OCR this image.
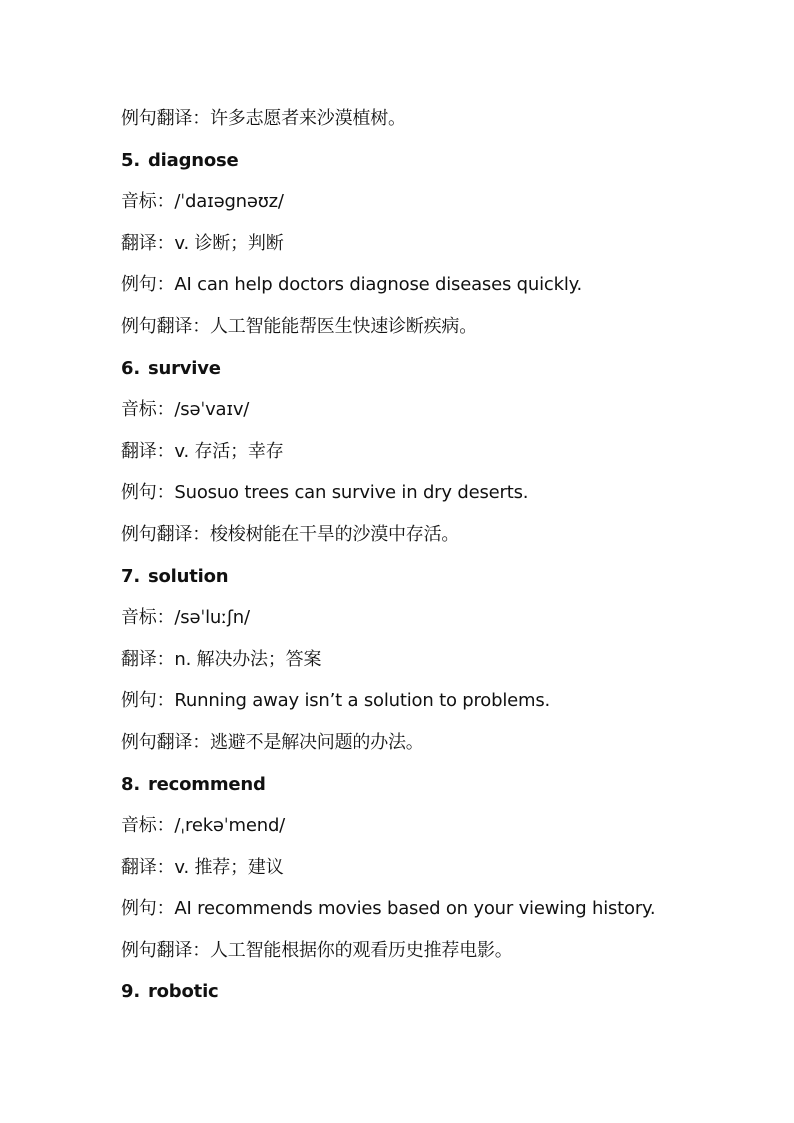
例句翻译：许多志愿者来沙漠植树。
5. diagnose
音标：/ˈdaɪəgnəʊz/
翻译：v. 诊断；判断
例句：AI can help doctors diagnose diseases quickly.
例句翻译：人工智能能帮医生快速诊断疾病。
6. survive
音标：/səˈvaɪv/
翻译：v. 存活；幸存
例句：Suosuo trees can survive in dry deserts.
例句翻译：梭梭树能在干旱的沙漠中存活。
7. solution
音标：/səˈluːʃn/
翻译：n. 解决办法；答案
例句：Running away isn’t a solution to problems.
例句翻译：逃避不是解决问题的办法。
8. recommend
音标：/ˌrekəˈmend/
翻译：v. 推荐；建议
例句：AI recommends movies based on your viewing history.
例句翻译：人工智能根据你的观看历史推荐电影。
9. robotic
